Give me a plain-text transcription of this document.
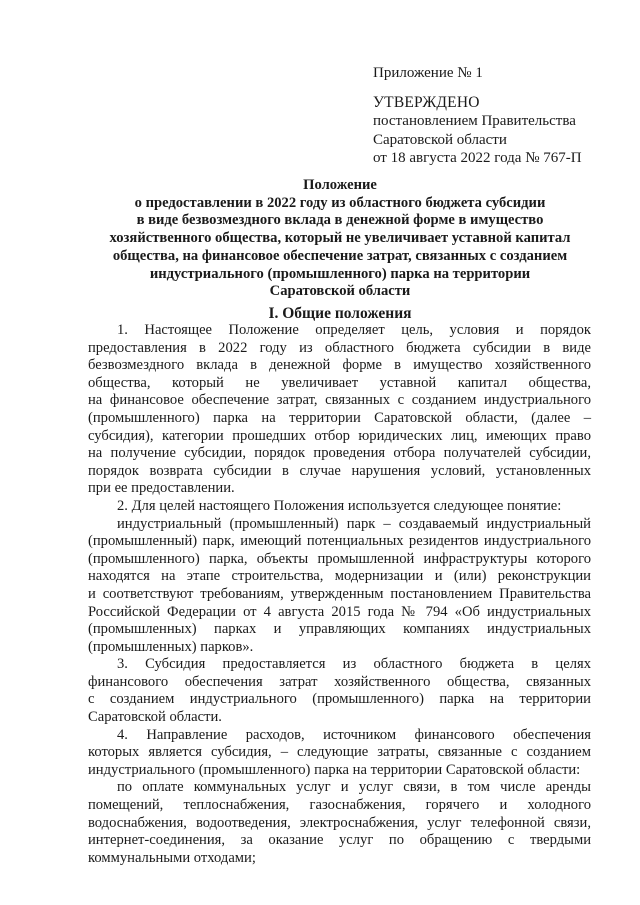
Приложение № 1
УТВЕРЖДЕНО
постановлением Правительства
Саратовской области
от 18 августа 2022 года № 767-П
Положение
о предоставлении в 2022 году из областного бюджета субсидии
в виде безвозмездного вклада в денежной форме в имущество
хозяйственного общества, который не увеличивает уставной капитал
общества, на финансовое обеспечение затрат, связанных с созданием
индустриального (промышленного) парка на территории
Саратовской области
I. Общие положения
1. Настоящее Положение определяет цель, условия и порядок
предоставления в 2022 году из областного бюджета субсидии в виде
безвозмездного вклада в денежной форме в имущество хозяйственного
общества, который не увеличивает уставной капитал общества,
на финансовое обеспечение затрат, связанных с созданием индустриального
(промышленного) парка на территории Саратовской области, (далее –
субсидия), категории прошедших отбор юридических лиц, имеющих право
на получение субсидии, порядок проведения отбора получателей субсидии,
порядок возврата субсидии в случае нарушения условий, установленных
при ее предоставлении.
2. Для целей настоящего Положения используется следующее понятие:
индустриальный (промышленный) парк – создаваемый индустриальный
(промышленный) парк, имеющий потенциальных резидентов индустриального
(промышленного) парка, объекты промышленной инфраструктуры которого
находятся на этапе строительства, модернизации и (или) реконструкции
и соответствуют требованиям, утвержденным постановлением Правительства
Российской Федерации от 4 августа 2015 года № 794 «Об индустриальных
(промышленных) парках и управляющих компаниях индустриальных
(промышленных) парков».
3. Субсидия предоставляется из областного бюджета в целях
финансового обеспечения затрат хозяйственного общества, связанных
с созданием индустриального (промышленного) парка на территории
Саратовской области.
4. Направление расходов, источником финансового обеспечения
которых является субсидия, – следующие затраты, связанные с созданием
индустриального (промышленного) парка на территории Саратовской области:
по оплате коммунальных услуг и услуг связи, в том числе аренды
помещений, теплоснабжения, газоснабжения, горячего и холодного
водоснабжения, водоотведения, электроснабжения, услуг телефонной связи,
интернет-соединения, за оказание услуг по обращению с твердыми
коммунальными отходами;
